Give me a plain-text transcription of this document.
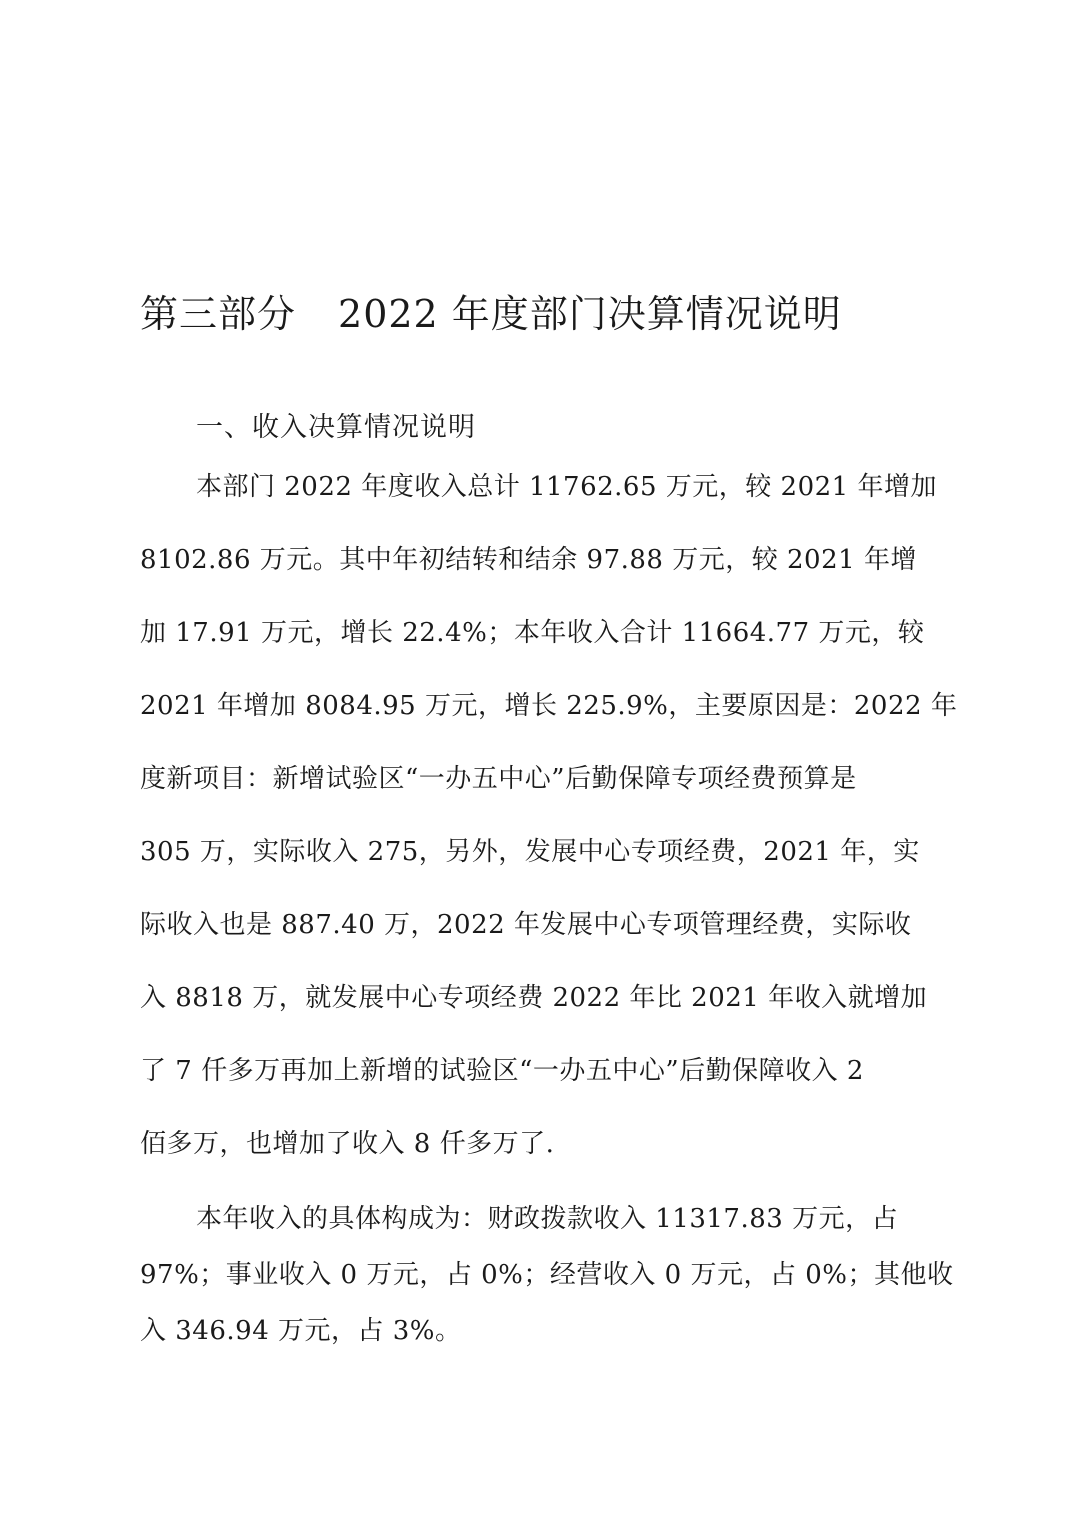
第三部分 2022 年度部门决算情况说明
一、收入决算情况说明
本部门 2022 年度收入总计 11762.65 万元，较 2021 年增加
8102.86 万元。其中年初结转和结余 97.88 万元，较 2021 年增
加 17.91 万元，增长 22.4%；本年收入合计 11664.77 万元，较
2021 年增加 8084.95 万元，增长 225.9%，主要原因是：2022 年
度新项目：新增试验区“一办五中心”后勤保障专项经费预算是
305 万，实际收入 275，另外，发展中心专项经费，2021 年，实
际收入也是 887.40 万，2022 年发展中心专项管理经费，实际收
入 8818 万，就发展中心专项经费 2022 年比 2021 年收入就增加
了 7 仟多万再加上新增的试验区“一办五中心”后勤保障收入 2
佰多万，也增加了收入 8 仟多万了.
本年收入的具体构成为：财政拨款收入 11317.83 万元，占
97%；事业收入 0 万元，占 0%；经营收入 0 万元，占 0%；其他收
入 346.94 万元，占 3%。
